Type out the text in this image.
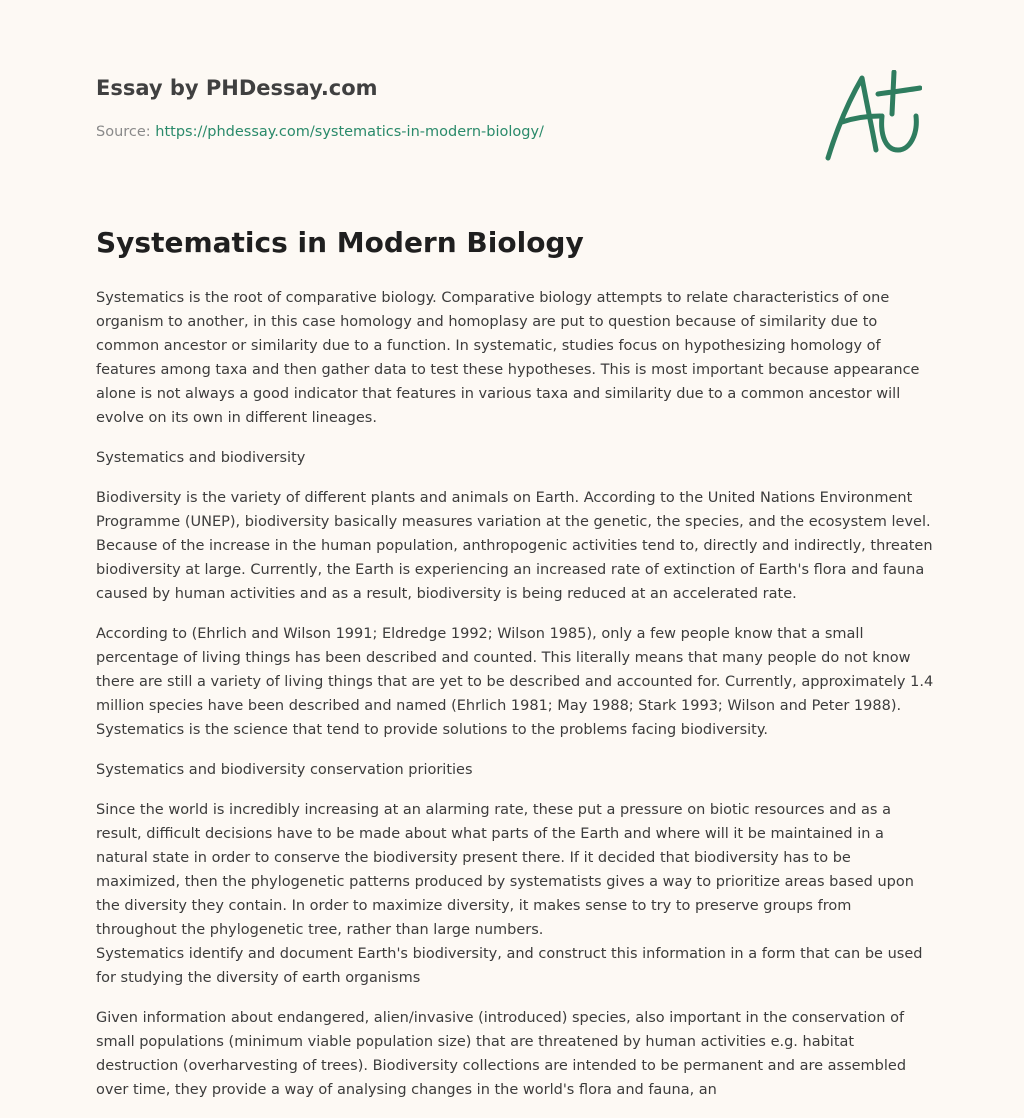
Essay by PHDessay.com
Source: https://phdessay.com/systematics-in-modern-biology/
Systematics in Modern Biology

Systematics is the root of comparative biology. Comparative biology attempts to relate characteristics of one organism to another, in this case homology and homoplasy are put to question because of similarity due to common ancestor or similarity due to a function. In systematic, studies focus on hypothesizing homology of features among taxa and then gather data to test these hypotheses. This is most important because appearance alone is not always a good indicator that features in various taxa and similarity due to a common ancestor will evolve on its own in different lineages.

Systematics and biodiversity

Biodiversity is the variety of different plants and animals on Earth. According to the United Nations Environment Programme (UNEP), biodiversity basically measures variation at the genetic, the species, and the ecosystem level. Because of the increase in the human population, anthropogenic activities tend to, directly and indirectly, threaten biodiversity at large. Currently, the Earth is experiencing an increased rate of extinction of Earth's flora and fauna caused by human activities and as a result, biodiversity is being reduced at an accelerated rate.

According to (Ehrlich and Wilson 1991; Eldredge 1992; Wilson 1985), only a few people know that a small percentage of living things has been described and counted. This literally means that many people do not know there are still a variety of living things that are yet to be described and accounted for. Currently, approximately 1.4 million species have been described and named (Ehrlich 1981; May 1988; Stark 1993; Wilson and Peter 1988). Systematics is the science that tend to provide solutions to the problems facing biodiversity.

Systematics and biodiversity conservation priorities

Since the world is incredibly increasing at an alarming rate, these put a pressure on biotic resources and as a result, difficult decisions have to be made about what parts of the Earth and where will it be maintained in a natural state in order to conserve the biodiversity present there. If it decided that biodiversity has to be maximized, then the phylogenetic patterns produced by systematists gives a way to prioritize areas based upon the diversity they contain. In order to maximize diversity, it makes sense to try to preserve groups from throughout the phylogenetic tree, rather than large numbers.

Systematics identify and document Earth's biodiversity, and construct this information in a form that can be used for studying the diversity of earth organisms

Given information about endangered, alien/invasive (introduced) species, also important in the conservation of small populations (minimum viable population size) that are threatened by human activities e.g. habitat destruction (overharvesting of trees). Biodiversity collections are intended to be permanent and are assembled over time, they provide a way of analysing changes in the world's flora and fauna, an
